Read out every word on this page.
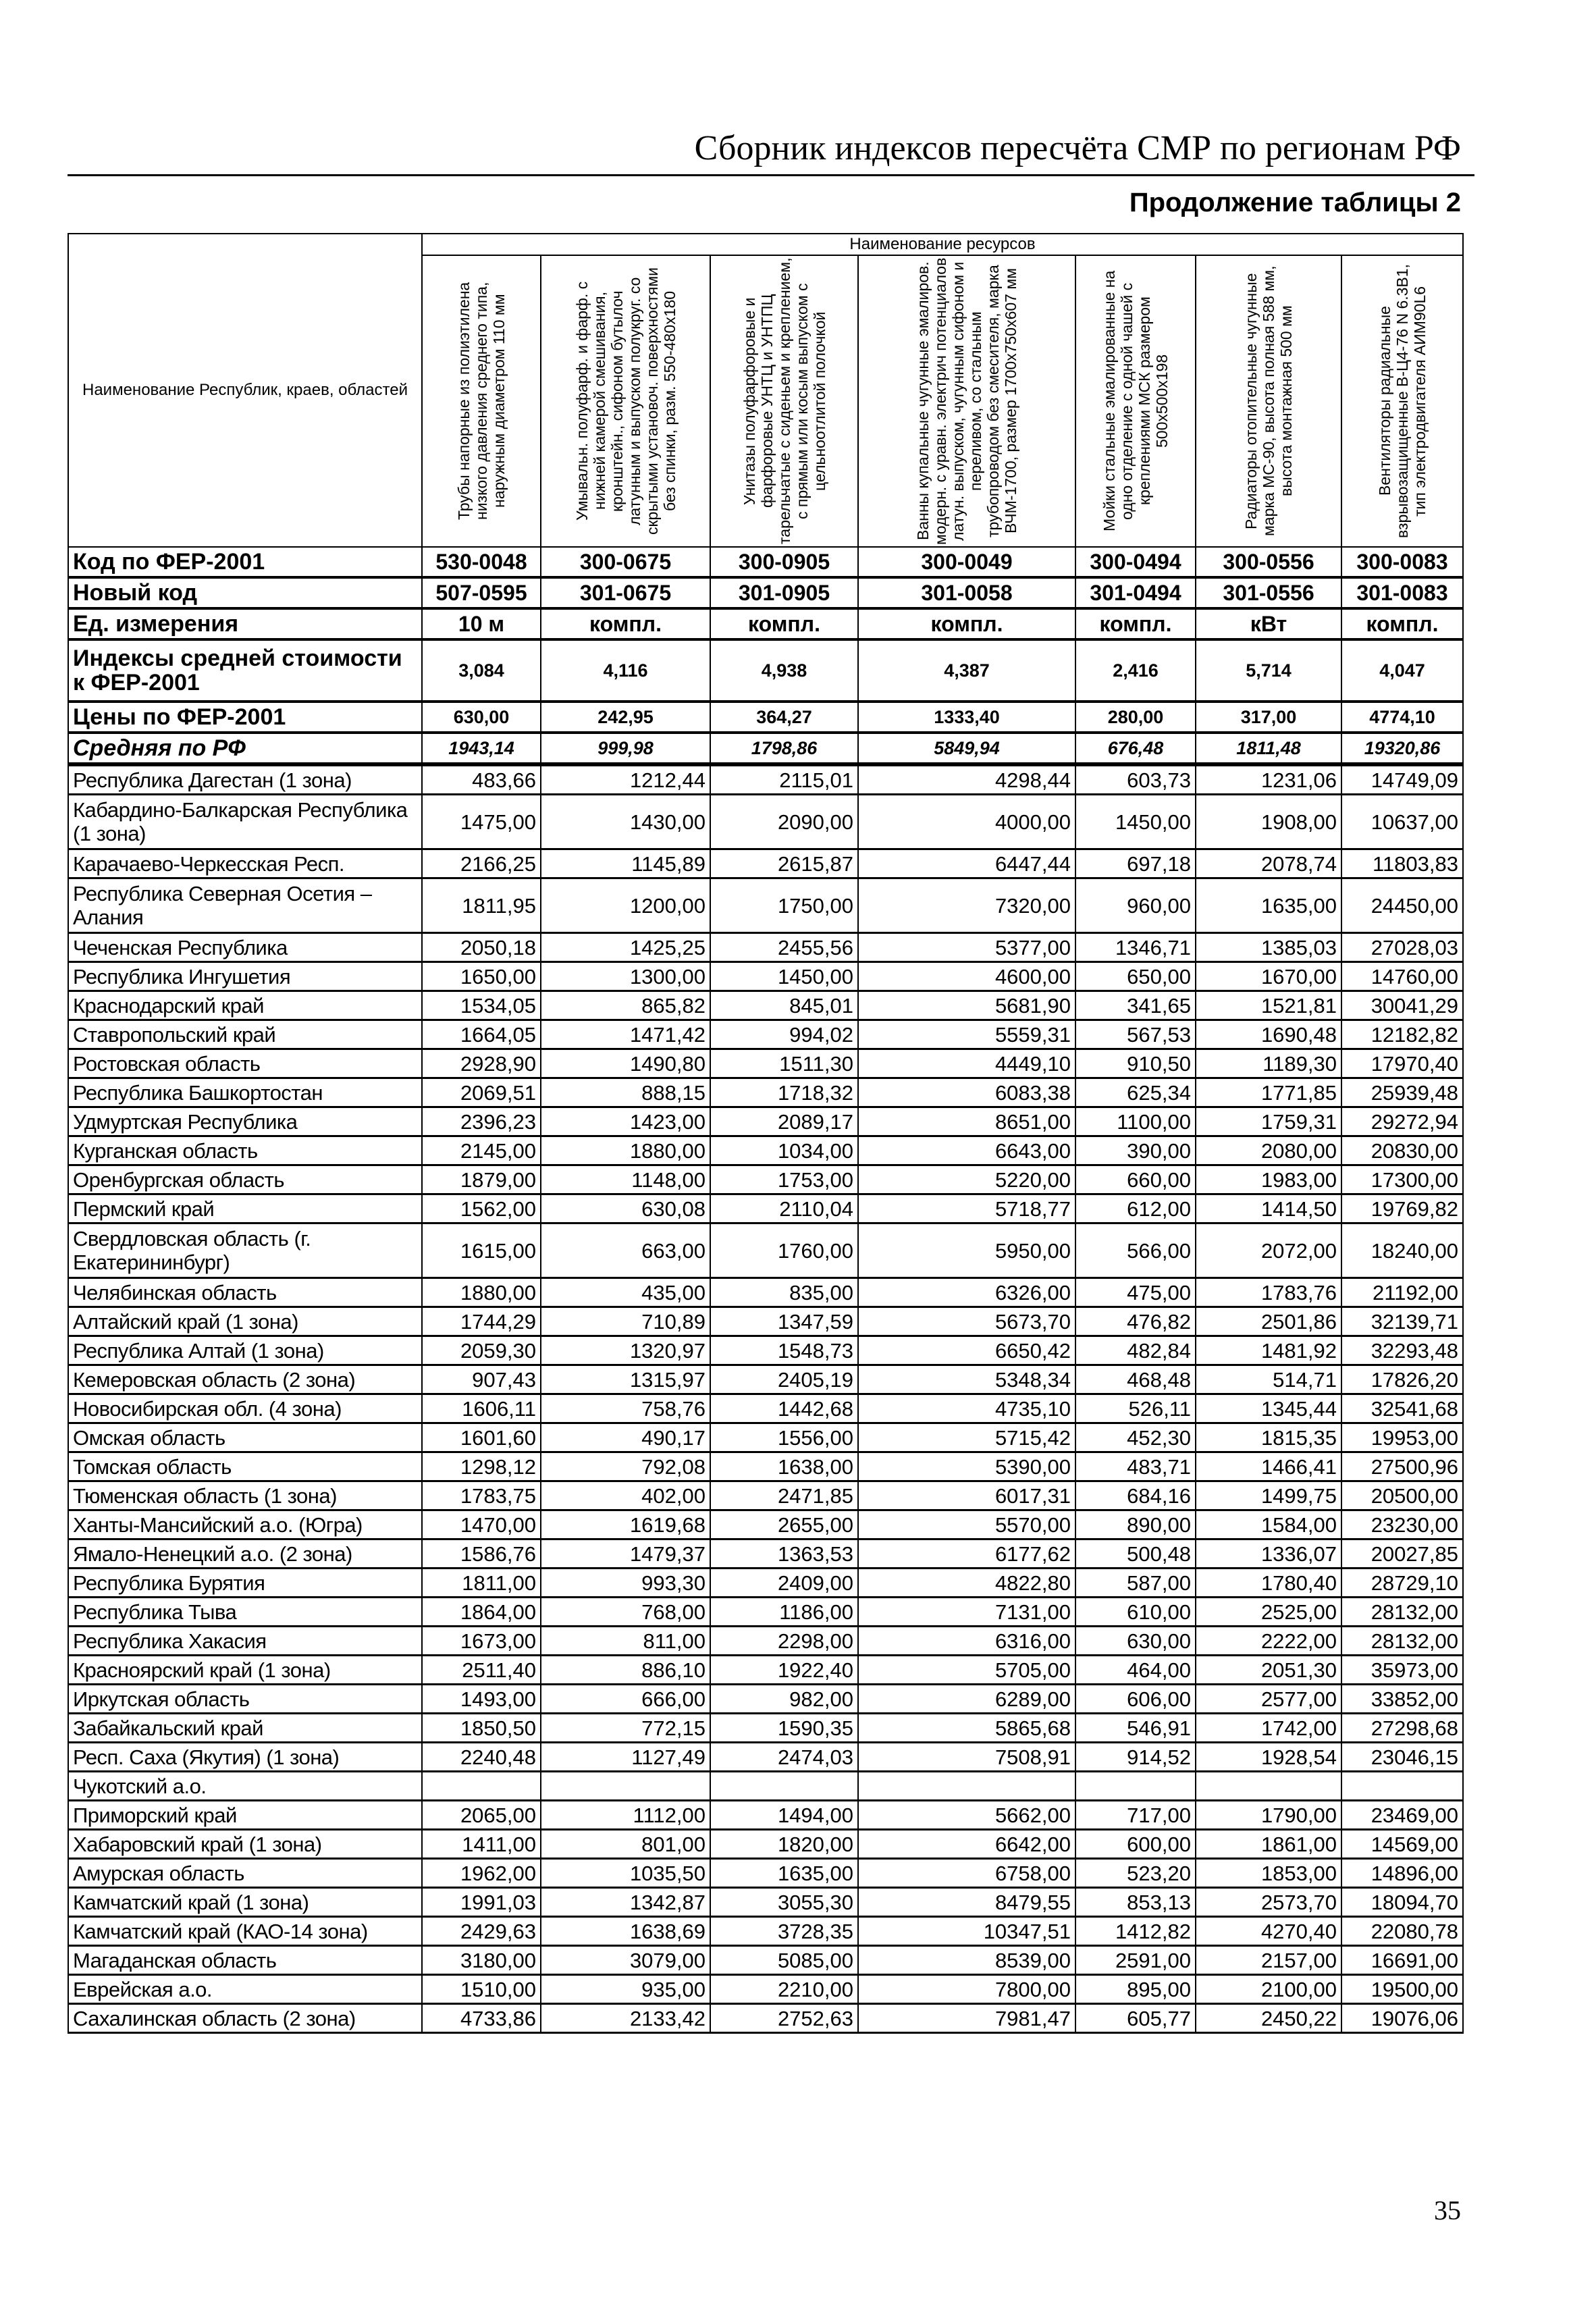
Сборник индексов пересчёта СМР по регионам РФ
Продолжение таблицы 2
Наименование Республик, краев, областей	Наименование ресурсов						

	Трубы напорные из полиэтилена низкого давления среднего типа, наружным диаметром 110 мм	Умывальн. полуфарф. и фарф. с нижней камерой смешивания, кронштейн., сифоном бутылоч латунным и выпуском полукруг. со скрытыми установоч. поверхностями без спинки, разм. 550-480х180	Унитазы полуфарфоровые и фарфоровые УНТЦ и УНТПЦ тарельчатые с сиденьем и креплением, с прямым или косым выпуском с цельноотлитой полочкой	Ванны купальные чугунные эмалиров. модерн. с уравн. электрич потенциалов латун. выпуском, чугунным сифоном и переливом, со стальным трубопроводом без смесителя, марка ВЧМ-1700, размер 1700х750х607 мм	Мойки стальные эмалированные на одно отделение с одной чашей с креплениями МСК размером 500х500х198	Радиаторы отопительные чугунные марка МС-90, высота полная 588 мм, высота монтажная 500 мм	Вентиляторы радиальные взрывозащищенные В-Ц4-76 N 6.3В1, тип электродвигателя АИМ90L6

Код по ФЕР-2001	530-0048	300-0675	300-0905	300-0049	300-0494	300-0556	300-0083
Новый код	507-0595	301-0675	301-0905	301-0058	301-0494	301-0556	301-0083
Ед. измерения	10 м	компл.	компл.	компл.	компл.	кВт	компл.
Индексы средней стоимости к ФЕР-2001	3,084	4,116	4,938	4,387	2,416	5,714	4,047
Цены по ФЕР-2001	630,00	242,95	364,27	1333,40	280,00	317,00	4774,10
Средняя по РФ	1943,14	999,98	1798,86	5849,94	676,48	1811,48	19320,86
Республика Дагестан (1 зона)	483,66	1212,44	2115,01	4298,44	603,73	1231,06	14749,09
Кабардино-Балкарская Республика (1 зона)	1475,00	1430,00	2090,00	4000,00	1450,00	1908,00	10637,00
Карачаево-Черкесская Респ.	2166,25	1145,89	2615,87	6447,44	697,18	2078,74	11803,83
Республика Северная Осетия – Алания	1811,95	1200,00	1750,00	7320,00	960,00	1635,00	24450,00
Чеченская Республика	2050,18	1425,25	2455,56	5377,00	1346,71	1385,03	27028,03
Республика Ингушетия	1650,00	1300,00	1450,00	4600,00	650,00	1670,00	14760,00
Краснодарский край	1534,05	865,82	845,01	5681,90	341,65	1521,81	30041,29
Ставропольский край	1664,05	1471,42	994,02	5559,31	567,53	1690,48	12182,82
Ростовская область	2928,90	1490,80	1511,30	4449,10	910,50	1189,30	17970,40
Республика Башкортостан	2069,51	888,15	1718,32	6083,38	625,34	1771,85	25939,48
Удмуртская Республика	2396,23	1423,00	2089,17	8651,00	1100,00	1759,31	29272,94
Курганская область	2145,00	1880,00	1034,00	6643,00	390,00	2080,00	20830,00
Оренбургская область	1879,00	1148,00	1753,00	5220,00	660,00	1983,00	17300,00
Пермский край	1562,00	630,08	2110,04	5718,77	612,00	1414,50	19769,82
Свердловская область (г. Екатерининбург)	1615,00	663,00	1760,00	5950,00	566,00	2072,00	18240,00
Челябинская область	1880,00	435,00	835,00	6326,00	475,00	1783,76	21192,00
Алтайский край (1 зона)	1744,29	710,89	1347,59	5673,70	476,82	2501,86	32139,71
Республика Алтай (1 зона)	2059,30	1320,97	1548,73	6650,42	482,84	1481,92	32293,48
Кемеровская область (2 зона)	907,43	1315,97	2405,19	5348,34	468,48	514,71	17826,20
Новосибирская обл. (4 зона)	1606,11	758,76	1442,68	4735,10	526,11	1345,44	32541,68
Омская область	1601,60	490,17	1556,00	5715,42	452,30	1815,35	19953,00
Томская область	1298,12	792,08	1638,00	5390,00	483,71	1466,41	27500,96
Тюменская область (1 зона)	1783,75	402,00	2471,85	6017,31	684,16	1499,75	20500,00
Ханты-Мансийский а.о. (Югра)	1470,00	1619,68	2655,00	5570,00	890,00	1584,00	23230,00
Ямало-Ненецкий а.о. (2 зона)	1586,76	1479,37	1363,53	6177,62	500,48	1336,07	20027,85
Республика Бурятия	1811,00	993,30	2409,00	4822,80	587,00	1780,40	28729,10
Республика Тыва	1864,00	768,00	1186,00	7131,00	610,00	2525,00	28132,00
Республика Хакасия	1673,00	811,00	2298,00	6316,00	630,00	2222,00	28132,00
Красноярский край (1 зона)	2511,40	886,10	1922,40	5705,00	464,00	2051,30	35973,00
Иркутская область	1493,00	666,00	982,00	6289,00	606,00	2577,00	33852,00
Забайкальский край	1850,50	772,15	1590,35	5865,68	546,91	1742,00	27298,68
Респ. Саха (Якутия) (1 зона)	2240,48	1127,49	2474,03	7508,91	914,52	1928,54	23046,15
Чукотский а.о.							
Приморский край	2065,00	1112,00	1494,00	5662,00	717,00	1790,00	23469,00
Хабаровский край (1 зона)	1411,00	801,00	1820,00	6642,00	600,00	1861,00	14569,00
Амурская область	1962,00	1035,50	1635,00	6758,00	523,20	1853,00	14896,00
Камчатский край (1 зона)	1991,03	1342,87	3055,30	8479,55	853,13	2573,70	18094,70
Камчатский край (КАО-14 зона)	2429,63	1638,69	3728,35	10347,51	1412,82	4270,40	22080,78
Магаданская область	3180,00	3079,00	5085,00	8539,00	2591,00	2157,00	16691,00
Еврейская а.о.	1510,00	935,00	2210,00	7800,00	895,00	2100,00	19500,00
Сахалинская область (2 зона)	4733,86	2133,42	2752,63	7981,47	605,77	2450,22	19076,06
35
